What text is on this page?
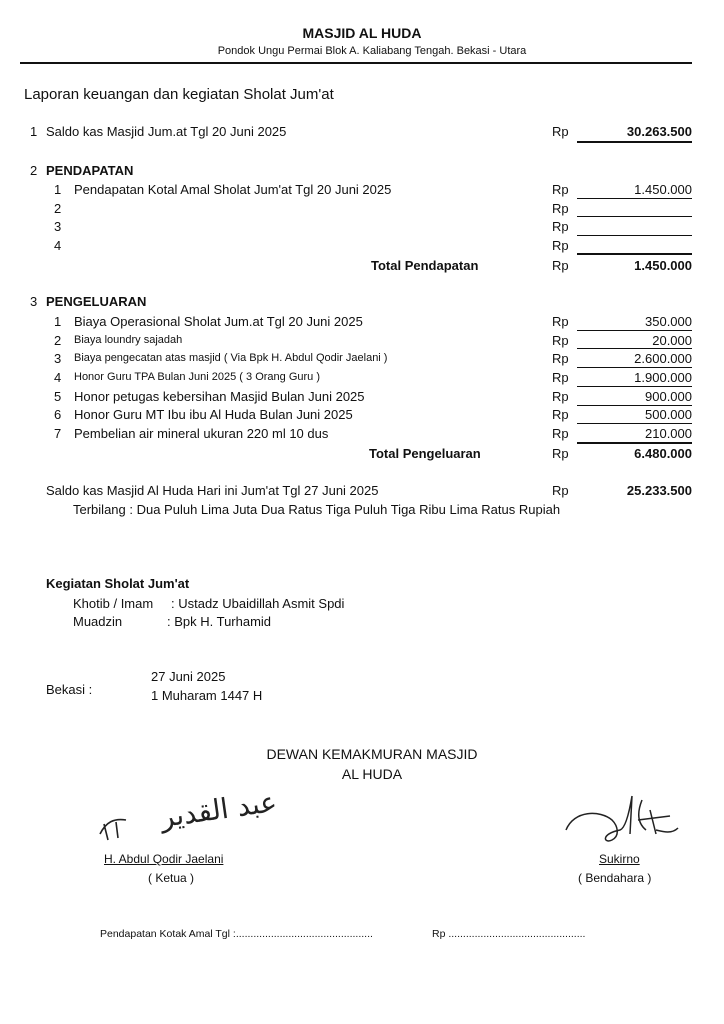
MASJID AL HUDA
Pondok Ungu Permai Blok A. Kaliabang Tengah. Bekasi - Utara
Laporan keuangan dan kegiatan Sholat Jum'at
1 Saldo kas Masjid Jum.at Tgl 20 Juni 2025	Rp	30.263.500
2 PENDAPATAN
1 Pendapatan Kotal Amal Sholat Jum'at Tgl 20 Juni 2025	Rp	1.450.000
2	Rp
3	Rp
4	Rp
Total Pendapatan	Rp	1.450.000
3 PENGELUARAN
1 Biaya Operasional Sholat Jum.at Tgl 20 Juni 2025	Rp	350.000
2 Biaya loundry sajadah	Rp	20.000
3 Biaya pengecatan atas masjid ( Via Bpk H. Abdul Qodir Jaelani )	Rp	2.600.000
4 Honor Guru TPA Bulan Juni 2025 ( 3 Orang Guru )	Rp	1.900.000
5 Honor petugas kebersihan Masjid Bulan Juni 2025	Rp	900.000
6 Honor Guru MT Ibu ibu Al Huda Bulan Juni 2025	Rp	500.000
7 Pembelian air mineral ukuran 220 ml 10 dus	Rp	210.000
Total Pengeluaran	Rp	6.480.000
Saldo kas Masjid Al Huda Hari ini Jum'at Tgl 27 Juni 2025	Rp	25.233.500
Terbilang : Dua Puluh Lima Juta Dua Ratus Tiga Puluh Tiga Ribu Lima Ratus Rupiah
Kegiatan Sholat Jum'at
Khotib / Imam : Ustadz Ubaidillah Asmit Spdi
Muadzin	: Bpk H. Turhamid
Bekasi :
27 Juni 2025
1 Muharam 1447 H
DEWAN KEMAKMURAN MASJID
AL HUDA
عبد القدير
H. Abdul Qodir Jaelani
( Ketua )
Sukirno
( Bendahara )
Pendapatan Kotak Amal Tgl :...............................................	Rp ...............................................
